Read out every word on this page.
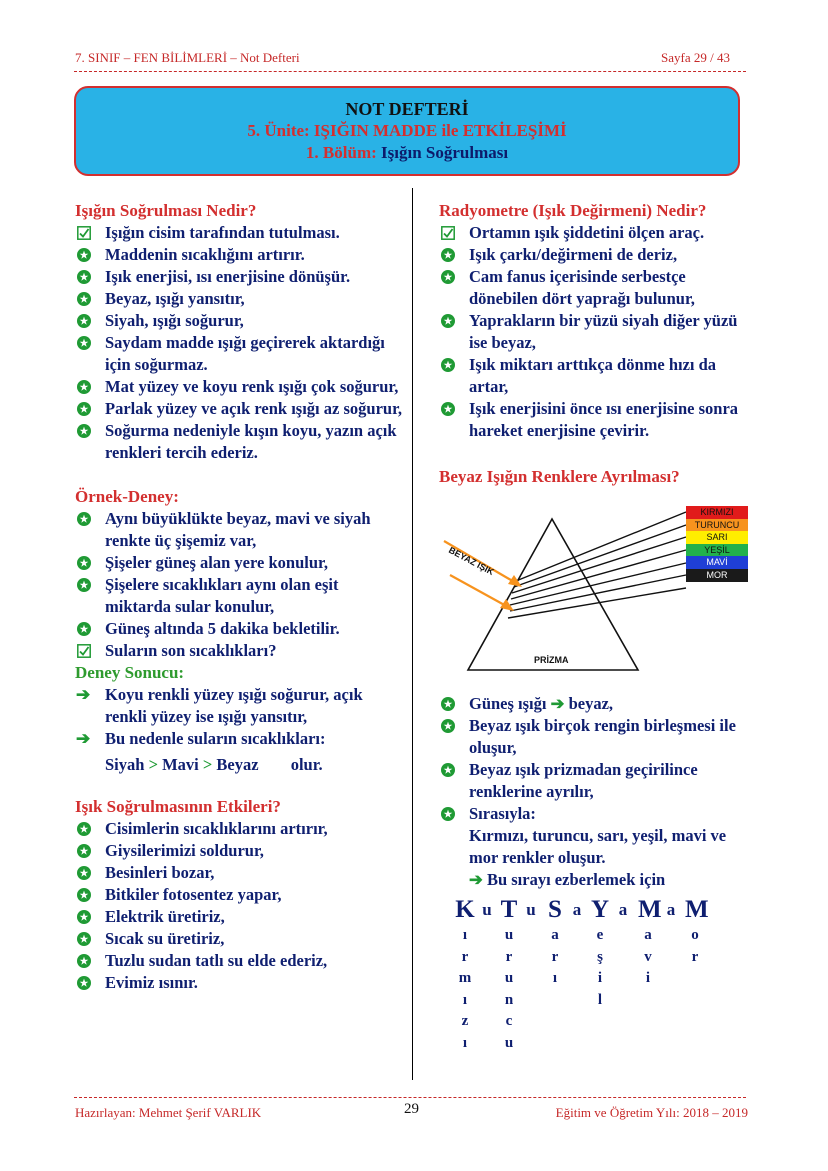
7. SINIF – FEN BİLİMLERİ – Not Defteri	Sayfa 29 / 43
NOT DEFTERİ
5. Ünite: IŞIĞIN MADDE ile ETKİLEŞİMİ
1. Bölüm: Işığın Soğrulması
Işığın Soğrulması Nedir?
Işığın cisim tarafından tutulması.
Maddenin sıcaklığını artırır.
Işık enerjisi, ısı enerjisine dönüşür.
Beyaz, ışığı yansıtır,
Siyah, ışığı soğurur,
Saydam madde ışığı geçirerek aktardığı için soğurmaz.
Mat yüzey ve koyu renk ışığı çok soğurur,
Parlak yüzey ve açık renk ışığı az soğurur,
Soğurma nedeniyle kışın koyu, yazın açık renkleri tercih ederiz.
Örnek-Deney:
Aynı büyüklükte beyaz, mavi ve siyah renkte üç şişemiz var,
Şişeler güneş alan yere konulur,
Şişelere sıcaklıkları aynı olan eşit miktarda sular konulur,
Güneş altında 5 dakika bekletilir.
Suların son sıcaklıkları?
Deney Sonucu:
➔ Koyu renkli yüzey ışığı soğurur, açık renkli yüzey ise ışığı yansıtır,
➔ Bu nedenle suların sıcaklıkları:
Siyah > Mavi > Beyaz olur.
Işık Soğrulmasının Etkileri?
Cisimlerin sıcaklıklarını artırır,
Giysilerimizi soldurur,
Besinleri bozar,
Bitkiler fotosentez yapar,
Elektrik üretiriz,
Sıcak su üretiriz,
Tuzlu sudan tatlı su elde ederiz,
Evimiz ısınır.
Radyometre (Işık Değirmeni) Nedir?
Ortamın ışık şiddetini ölçen araç.
Işık çarkı/değirmeni de deriz,
Cam fanus içerisinde serbestçe dönebilen dört yaprağı bulunur,
Yaprakların bir yüzü siyah diğer yüzü ise beyaz,
Işık miktarı arttıkça dönme hızı da artar,
Işık enerjisini önce ısı enerjisine sonra hareket enerjisine çevirir.
Beyaz Işığın Renklere Ayrılması?
BEYAZ IŞIK
PRİZMA
KIRMIZI
TURUNCU
SARI
YEŞİL
MAVİ
MOR
Güneş ışığı ➔ beyaz,
Beyaz ışık birçok rengin birleşmesi ile oluşur,
Beyaz ışık prizmadan geçirilince renklerine ayrılır,
Sırasıyla:
Kırmızı, turuncu, sarı, yeşil, mavi ve mor renkler oluşur.
➔ Bu sırayı ezberlemek için
K
ı
r
m
ı
z
ı
u T
u
r
u
n
c
u
u S
a
r
ı
a Y
e
ş
i
l
a M
a
v
i
a M
o
r
Hazırlayan: Mehmet Şerif VARLIK	29	Eğitim ve Öğretim Yılı: 2018 – 2019
